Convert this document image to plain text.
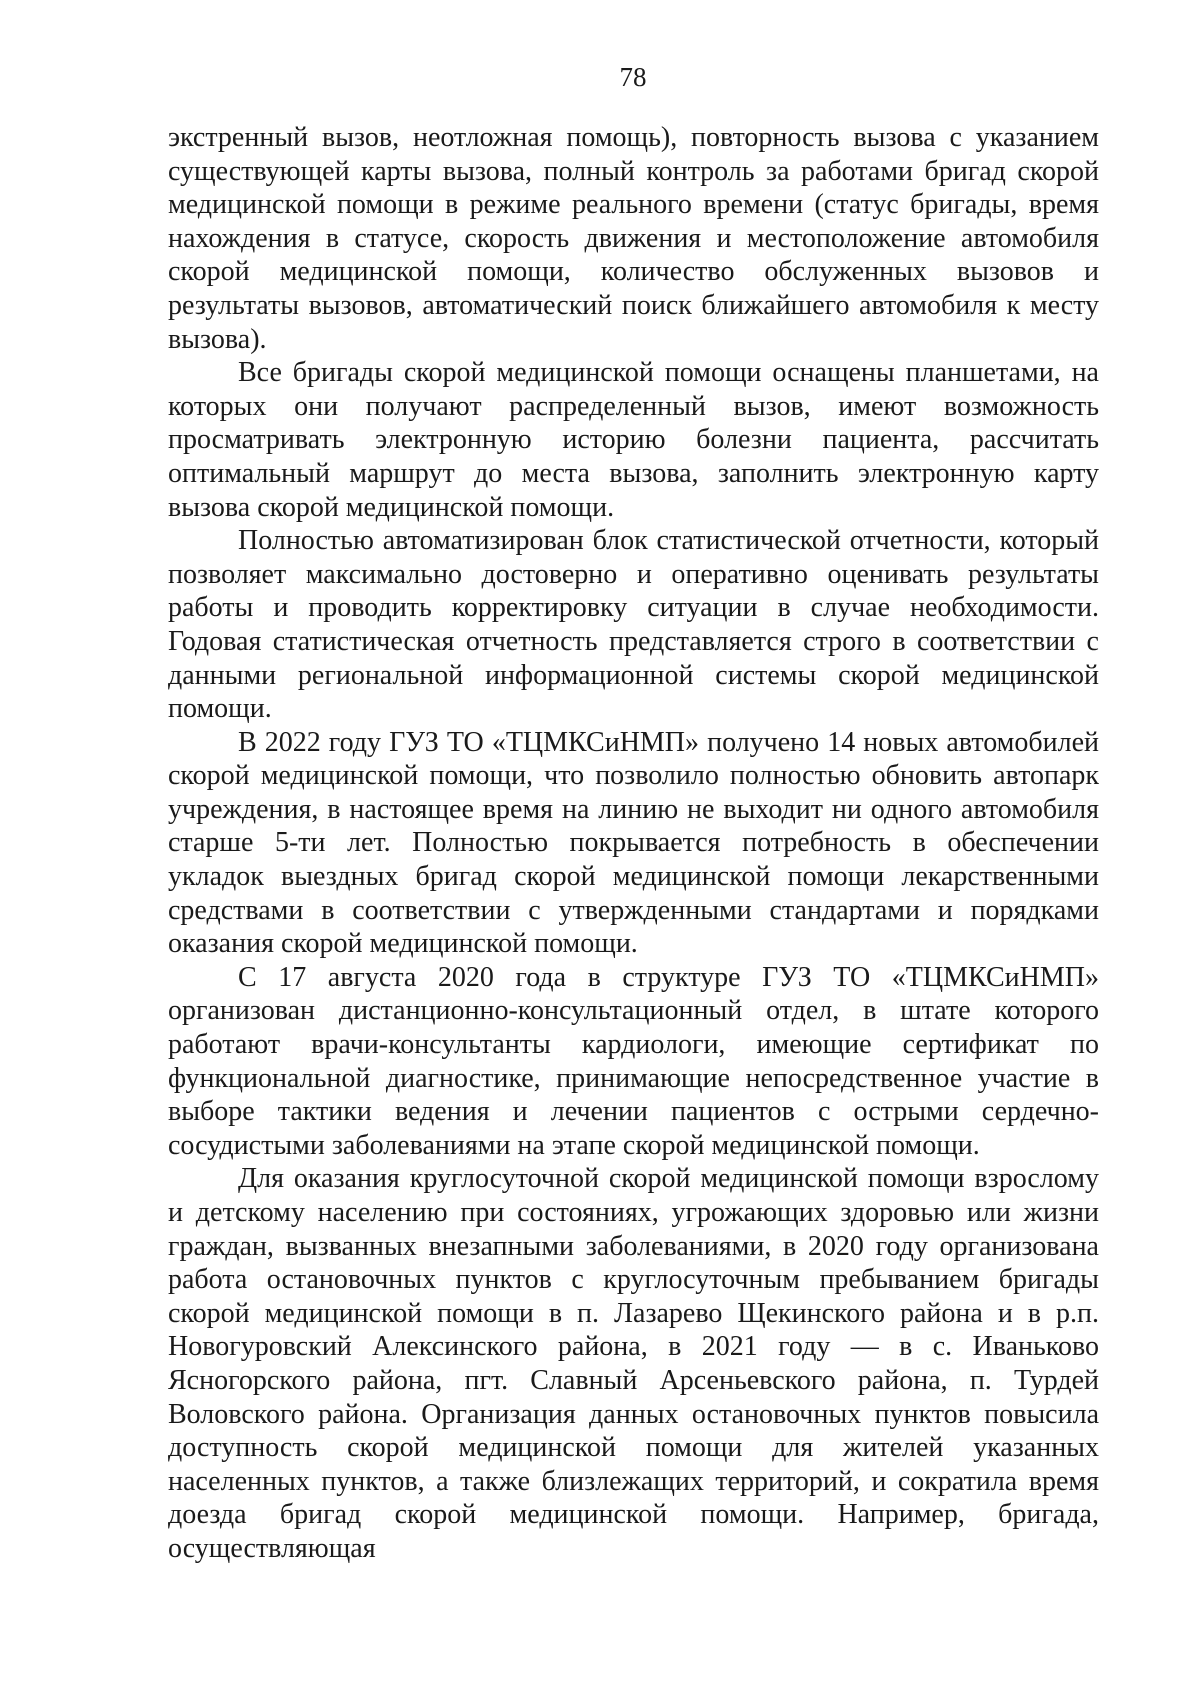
78

экстренный вызов, неотложная помощь), повторность вызова с указанием существующей карты вызова, полный контроль за работами бригад скорой медицинской помощи в режиме реального времени (статус бригады, время нахождения в статусе, скорость движения и местоположение автомобиля скорой медицинской помощи, количество обслуженных вызовов и результаты вызовов, автоматический поиск ближайшего автомобиля к месту вызова).

Все бригады скорой медицинской помощи оснащены планшетами, на которых они получают распределенный вызов, имеют возможность просматривать электронную историю болезни пациента, рассчитать оптимальный маршрут до места вызова, заполнить электронную карту вызова скорой медицинской помощи.

Полностью автоматизирован блок статистической отчетности, который позволяет максимально достоверно и оперативно оценивать результаты работы и проводить корректировку ситуации в случае необходимости. Годовая статистическая отчетность представляется строго в соответствии с данными региональной информационной системы скорой медицинской помощи.

В 2022 году ГУЗ ТО «ТЦМКСиНМП» получено 14 новых автомобилей скорой медицинской помощи, что позволило полностью обновить автопарк учреждения, в настоящее время на линию не выходит ни одного автомобиля старше 5-ти лет. Полностью покрывается потребность в обеспечении укладок выездных бригад скорой медицинской помощи лекарственными средствами в соответствии с утвержденными стандартами и порядками оказания скорой медицинской помощи.

С 17 августа 2020 года в структуре ГУЗ ТО «ТЦМКСиНМП» организован дистанционно-консультационный отдел, в штате которого работают врачи-консультанты кардиологи, имеющие сертификат по функциональной диагностике, принимающие непосредственное участие в выборе тактики ведения и лечении пациентов с острыми сердечно-сосудистыми заболеваниями на этапе скорой медицинской помощи.

Для оказания круглосуточной скорой медицинской помощи взрослому и детскому населению при состояниях, угрожающих здоровью или жизни граждан, вызванных внезапными заболеваниями, в 2020 году организована работа остановочных пунктов с круглосуточным пребыванием бригады скорой медицинской помощи в п. Лазарево Щекинского района и в р.п. Новогуровский Алексинского района, в 2021 году — в с. Иваньково Ясногорского района, пгт. Славный Арсеньевского района, п. Турдей Воловского района. Организация данных остановочных пунктов повысила доступность скорой медицинской помощи для жителей указанных населенных пунктов, а также близлежащих территорий, и сократила время доезда бригад скорой медицинской помощи. Например, бригада, осуществляющая
